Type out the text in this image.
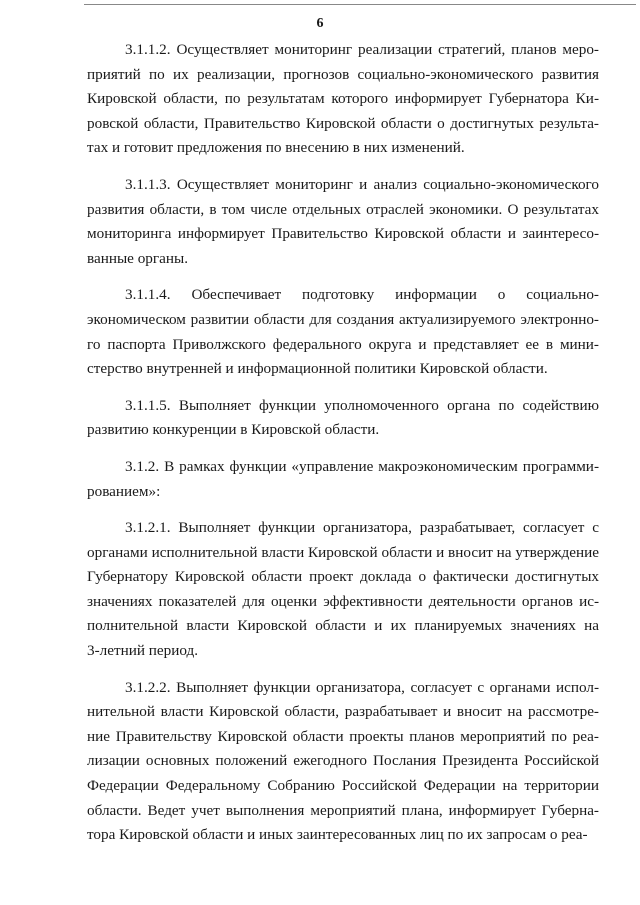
6
3.1.1.2. Осуществляет мониторинг реализации стратегий, планов меро-
приятий по их реализации, прогнозов социально-экономического развития
Кировской области, по результатам которого информирует Губернатора Ки-
ровской области, Правительство Кировской области о достигнутых результа-
тах и готовит предложения по внесению в них изменений.
3.1.1.3. Осуществляет мониторинг и анализ социально-экономического
развития области, в том числе отдельных отраслей экономики. О результатах
мониторинга информирует Правительство Кировской области и заинтересо-
ванные органы.
3.1.1.4. Обеспечивает подготовку информации о социально-
экономическом развитии области для создания актуализируемого электронно-
го паспорта Приволжского федерального округа и представляет ее в мини-
стерство внутренней и информационной политики Кировской области.
3.1.1.5. Выполняет функции уполномоченного органа по содействию
развитию конкуренции в Кировской области.
3.1.2. В рамках функции «управление макроэкономическим программи-
рованием»:
3.1.2.1. Выполняет функции организатора, разрабатывает, согласует с
органами исполнительной власти Кировской области и вносит на утверждение
Губернатору Кировской области проект доклада о фактически достигнутых
значениях показателей для оценки эффективности деятельности органов ис-
полнительной власти Кировской области и их планируемых значениях на
3-летний период.
3.1.2.2. Выполняет функции организатора, согласует с органами испол-
нительной власти Кировской области, разрабатывает и вносит на рассмотре-
ние Правительству Кировской области проекты планов мероприятий по реа-
лизации основных положений ежегодного Послания Президента Российской
Федерации Федеральному Собранию Российской Федерации на территории
области. Ведет учет выполнения мероприятий плана, информирует Губерна-
тора Кировской области и иных заинтересованных лиц по их запросам о реа-
